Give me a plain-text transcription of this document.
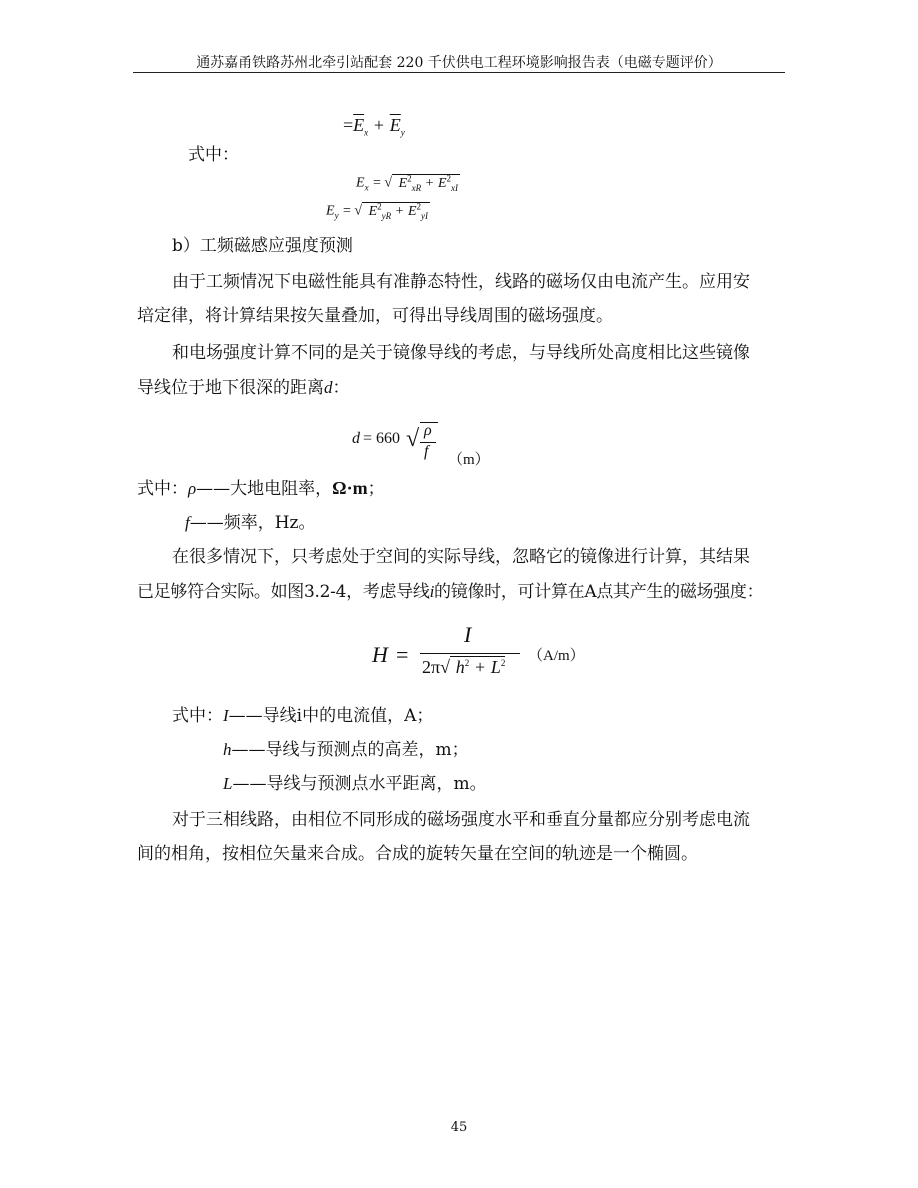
通苏嘉甬铁路苏州北牵引站配套 220 千伏供电工程环境影响报告表（电磁专题评价）
$=\overline{E}_x + \overline{E}_y$
式中：
$E_x$ = √ $E^2_{xR} + E^2_{xI}$
$E_y$ = √ $E^2_{yR} + E^2_{yI}$
b）工频磁感应强度预测
由于工频情况下电磁性能具有准静态特性，线路的磁场仅由电流产生。应用安
培定律，将计算结果按矢量叠加，可得出导线周围的磁场强度。
和电场强度计算不同的是关于镜像导线的考虑，与导线所处高度相比这些镜像
导线位于地下很深的距离d：
d = 660 √ ρ
f （m）
式中：ρ——大地电阻率，Ω·m；
f——频率，Hz。
在很多情况下，只考虑处于空间的实际导线，忽略它的镜像进行计算，其结果
已足够符合实际。如图3.2-4，考虑导线i的镜像时，可计算在A点其产生的磁场强度：
H =
I
2π√ $h^2 + L^2$ （A/m）
式中：I——导线i中的电流值，A；
h——导线与预测点的高差，m；
L——导线与预测点水平距离，m。
对于三相线路，由相位不同形成的磁场强度水平和垂直分量都应分别考虑电流
间的相角，按相位矢量来合成。合成的旋转矢量在空间的轨迹是一个椭圆。
45
